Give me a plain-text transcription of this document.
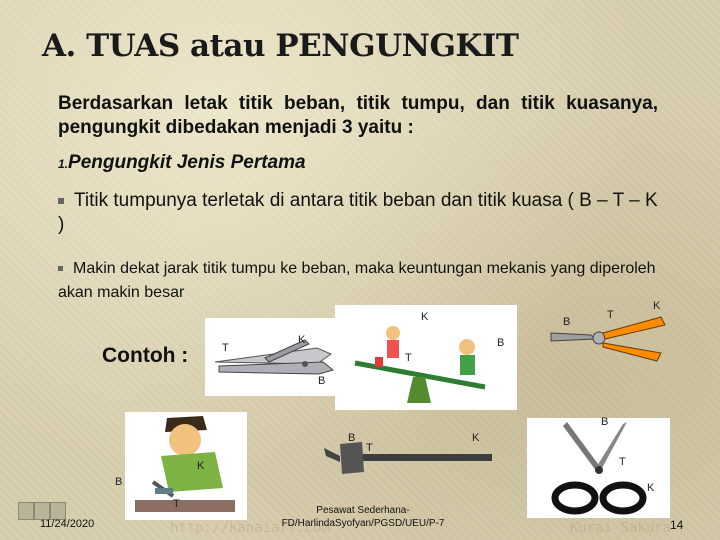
A. TUAS atau PENGUNGKIT
Berdasarkan letak titik beban, titik tumpu, dan titik kuasanya, pengungkit dibedakan menjadi 3 yaitu :
1.Pengungkit Jenis Pertama
Titik tumpunya terletak di antara titik beban dan titik kuasa ( B – T – K )
Makin dekat jarak titik tumpu ke beban, maka keuntungan mekanis yang diperoleh akan makin besar
Contoh :	T
K
K
B
T
B
B
T
K
B
T
K
B
T
K
B
T
K
http://kanaiart.com	Kurai Sakura
11/24/2020
Pesawat Sederhana-FD/HarlindaSyofyan/PGSD/UEU/P-7	14
